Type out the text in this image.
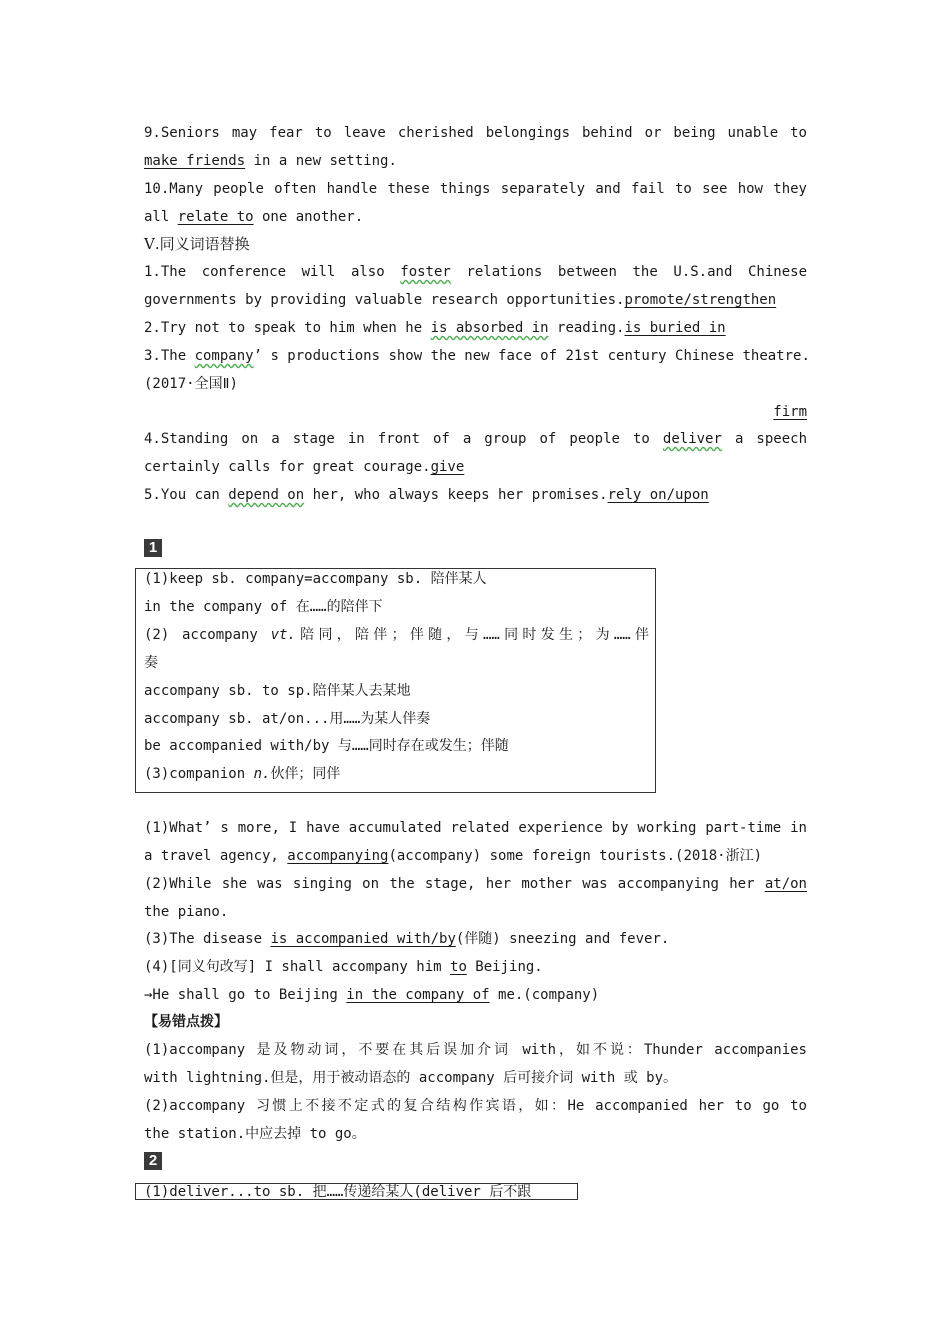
9.Seniors may fear to leave cherished belongings behind or being unable to
make friends in a new setting.
10.Many people often handle these things separately and fail to see how they
all relate to one another.
Ⅴ.同义词语替换
1.The conference will also foster relations between the U.S.and Chinese
governments by providing valuable research opportunities.promote/strengthen
2.Try not to speak to him when he is absorbed in reading.is buried in
3.The company’ s productions show the new face of 21st century Chinese theatre.
(2017·全国Ⅱ)
firm
4.Standing on a stage in front of a group of people to deliver a speech
certainly calls for great courage.give
5.You can depend on her, who always keeps her promises.rely on/upon
1
(1)keep sb. company=accompany sb. 陪伴某人
in the company of 在……的陪伴下
(2) accompany vt.陪同，陪伴；伴随，与……同时发生；为……伴
奏
accompany sb. to sp.陪伴某人去某地
accompany sb. at/on...用……为某人伴奏
be accompanied with/by 与……同时存在或发生；伴随
(3)companion n.伙伴；同伴
(1)What’ s more, I have accumulated related experience by working part-time in
a travel agency, accompanying(accompany) some foreign tourists.(2018·浙江)
(2)While she was singing on the stage, her mother was accompanying her at/on
the piano.
(3)The disease is accompanied with/by(伴随) sneezing and fever.
(4)[同义句改写] I shall accompany him to Beijing.
→He shall go to Beijing in the company of me.(company)
【易错点拨】
(1)accompany 是及物动词，不要在其后误加介词 with，如不说：Thunder accompanies
with lightning.但是，用于被动语态的 accompany 后可接介词 with 或 by。
(2)accompany 习惯上不接不定式的复合结构作宾语，如：He accompanied her to go to
the station.中应去掉 to go。
2
(1)deliver...to sb. 把……传递给某人(deliver 后不跟
